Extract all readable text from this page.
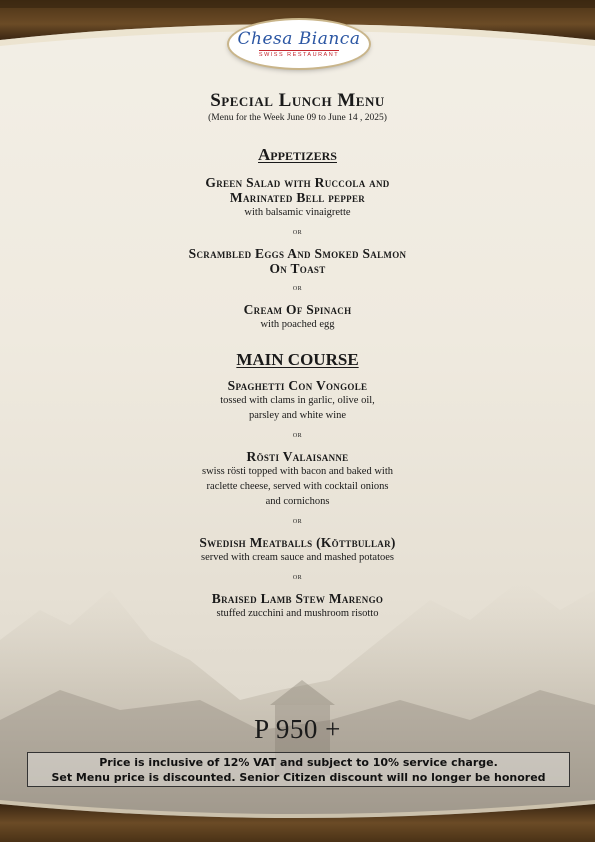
Chesa Bianca
SWISS RESTAURANT
Special Lunch Menu
(Menu for the Week June 09 to June 14 , 2025)
Appetizers
Green Salad with Ruccola and
Marinated Bell pepper
with balsamic vinaigrette
OR
Scrambled Eggs And Smoked Salmon
On Toast
OR
Cream Of Spinach
with poached egg
MAIN COURSE
Spaghetti Con Vongole
tossed with clams in garlic, olive oil,
parsley and white wine
OR
Rösti Valaisanne
swiss rösti topped with bacon and baked with
raclette cheese, served with cocktail onions
and cornichons
OR
Swedish Meatballs (Köttbullar)
served with cream sauce and mashed potatoes
OR
Braised Lamb Stew Marengo
stuffed zucchini and mushroom risotto
P 950 +
Price is inclusive of 12% VAT and subject to 10% service charge.
Set Menu price is discounted. Senior Citizen discount will no longer be honored
